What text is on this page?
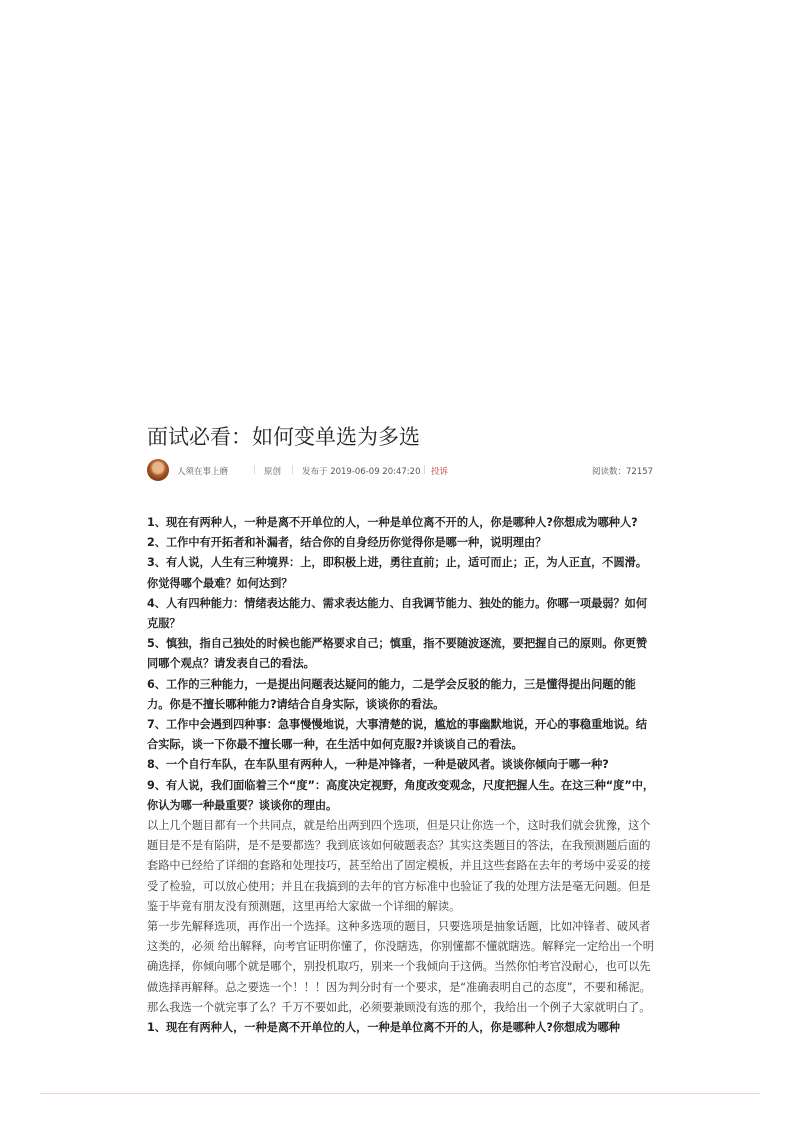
面试必看：如何变单选为多选
人须在事上磨	| 原创 | 发布于 2019-06-09 20:47:20 | 投诉	阅读数：72157

1、现在有两种人，一种是离不开单位的人，一种是单位离不开的人，你是哪种人?你想成为哪种人?

2、工作中有开拓者和补漏者，结合你的自身经历你觉得你是哪一种，说明理由？

3、有人说，人生有三种境界：上，即积极上进，勇往直前；止，适可而止；正，为人正直，不圆滑。你觉得哪个最难？如何达到？

4、人有四种能力：情绪表达能力、需求表达能力、自我调节能力、独处的能力。你哪一项最弱？如何克服？

5、慎独，指自己独处的时候也能严格要求自己；慎重，指不要随波逐流，要把握自己的原则。你更赞同哪个观点？请发表自己的看法。

6、工作的三种能力，一是提出问题表达疑问的能力，二是学会反驳的能力，三是懂得提出问题的能力。你是不擅长哪种能力?请结合自身实际，谈谈你的看法。

7、工作中会遇到四种事：急事慢慢地说，大事清楚的说，尴尬的事幽默地说，开心的事稳重地说。结合实际，谈一下你最不擅长哪一种，在生活中如何克服?并谈谈自己的看法。

8、一个自行车队，在车队里有两种人，一种是冲锋者，一种是破风者。谈谈你倾向于哪一种?

9、有人说，我们面临着三个“度”：高度决定视野，角度改变观念，尺度把握人生。在这三种“度”中，你认为哪一种最重要？谈谈你的理由。

以上几个题目都有一个共同点，就是给出两到四个选项，但是只让你选一个，这时我们就会犹豫，这个题目是不是有陷阱，是不是要都选？我到底该如何破题表态？其实这类题目的答法，在我预测题后面的套路中已经给了详细的套路和处理技巧，甚至给出了固定模板，并且这些套路在去年的考场中妥妥的接受了检验，可以放心使用；并且在我搞到的去年的官方标准中也验证了我的处理方法是毫无问题。但是鉴于毕竟有朋友没有预测题，这里再给大家做一个详细的解读。

第一步先解释选项，再作出一个选择。这种多选项的题目，只要选项是抽象话题，比如冲锋者、破风者这类的，必须 给出解释，向考官证明你懂了，你没瞎选，你别懂都不懂就瞎选。解释完一定给出一个明确选择，你倾向哪个就是哪个，别投机取巧，别来一个我倾向于这俩。当然你怕考官没耐心，也可以先做选择再解释。总之要选一个！！！因为判分时有一个要求，是“准确表明自己的态度”，不要和稀泥。

那么我选一个就完事了么？千万不要如此，必须要兼顾没有选的那个，我给出一个例子大家就明白了。

1、现在有两种人，一种是离不开单位的人，一种是单位离不开的人，你是哪种人?你想成为哪种
